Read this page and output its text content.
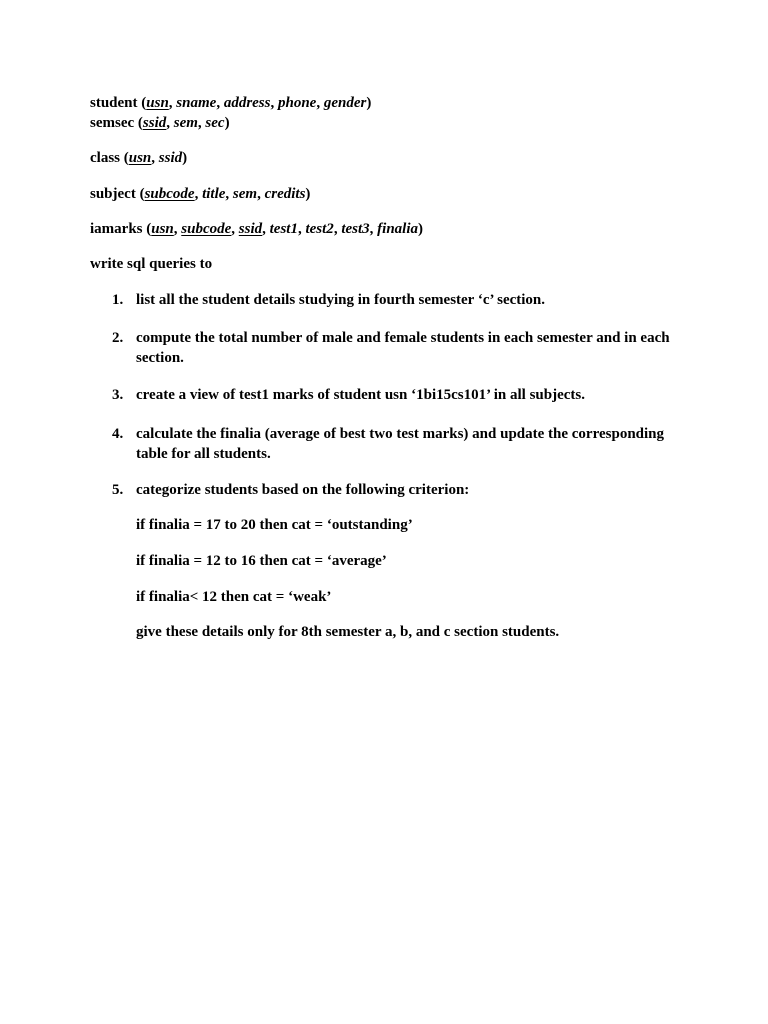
student (usn, sname, address, phone, gender)
semsec (ssid, sem, sec)
class (usn, ssid)
subject (subcode, title, sem, credits)
iamarks (usn, subcode, ssid, test1, test2, test3, finalia)
write sql queries to
1. list all the student details studying in fourth semester ‘c’ section.
2. compute the total number of male and female students in each semester and in each section.
3. create a view of test1 marks of student usn ‘1bi15cs101’ in all subjects.
4. calculate the finalia (average of best two test marks) and update the corresponding table for all students.
5. categorize students based on the following criterion:
if finalia = 17 to 20 then cat = ‘outstanding’
if finalia = 12 to 16 then cat = ‘average’
if finalia< 12 then cat = ‘weak’
give these details only for 8th semester a, b, and c section students.
